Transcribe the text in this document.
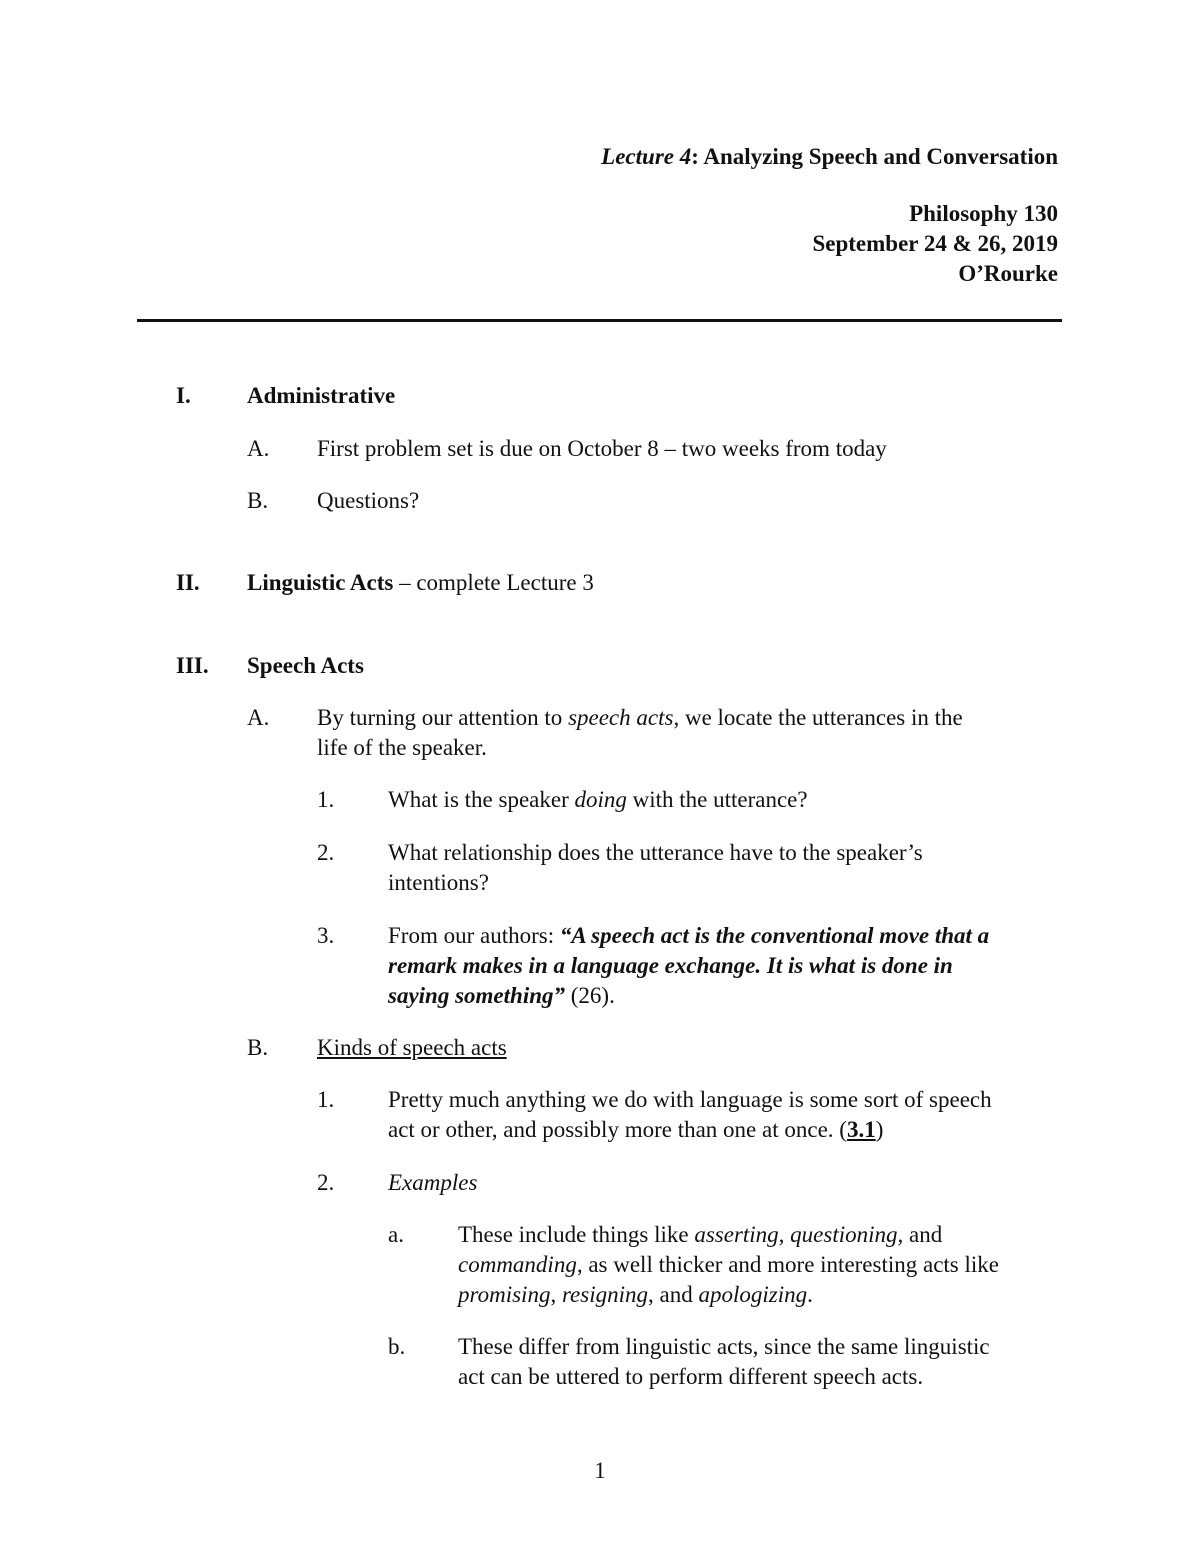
Lecture 4: Analyzing Speech and Conversation
Philosophy 130
September 24 & 26, 2019
O’Rourke
I. Administrative
A. First problem set is due on October 8 – two weeks from today
B. Questions?
II. Linguistic Acts – complete Lecture 3
III. Speech Acts
A. By turning our attention to speech acts, we locate the utterances in the
life of the speaker.
1. What is the speaker doing with the utterance?
2. What relationship does the utterance have to the speaker’s
intentions?
3. From our authors: “A speech act is the conventional move that a
remark makes in a language exchange. It is what is done in
saying something” (26).
B. Kinds of speech acts
1. Pretty much anything we do with language is some sort of speech
act or other, and possibly more than one at once. (3.1)
2. Examples
a. These include things like asserting, questioning, and
commanding, as well thicker and more interesting acts like
promising, resigning, and apologizing.
b. These differ from linguistic acts, since the same linguistic
act can be uttered to perform different speech acts.
1
